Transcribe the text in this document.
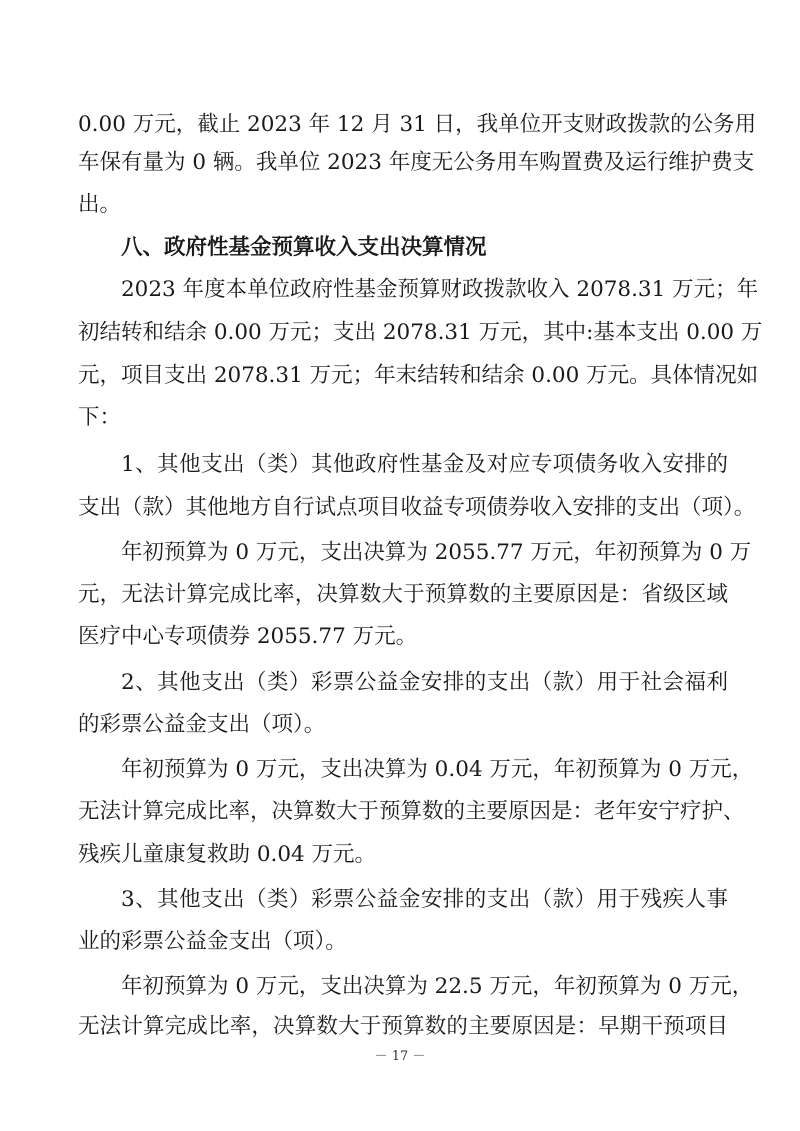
0.00 万元，截止 2023 年 12 月 31 日，我单位开支财政拨款的公务用
车保有量为 0 辆。我单位 2023 年度无公务用车购置费及运行维护费支
出。
八、政府性基金预算收入支出决算情况
2023 年度本单位政府性基金预算财政拨款收入 2078.31 万元；年
初结转和结余 0.00 万元；支出 2078.31 万元，其中:基本支出 0.00 万
元，项目支出 2078.31 万元；年末结转和结余 0.00 万元。具体情况如
下：
1、其他支出（类）其他政府性基金及对应专项债务收入安排的
支出（款）其他地方自行试点项目收益专项债券收入安排的支出（项）。
年初预算为 0 万元，支出决算为 2055.77 万元，年初预算为 0 万
元，无法计算完成比率，决算数大于预算数的主要原因是：省级区域
医疗中心专项债券 2055.77 万元。
2、其他支出（类）彩票公益金安排的支出（款）用于社会福利
的彩票公益金支出（项）。
年初预算为 0 万元，支出决算为 0.04 万元，年初预算为 0 万元，
无法计算完成比率，决算数大于预算数的主要原因是：老年安宁疗护、
残疾儿童康复救助 0.04 万元。
3、其他支出（类）彩票公益金安排的支出（款）用于残疾人事
业的彩票公益金支出（项）。
年初预算为 0 万元，支出决算为 22.5 万元，年初预算为 0 万元，
无法计算完成比率，决算数大于预算数的主要原因是：早期干预项目
－ 17 －
